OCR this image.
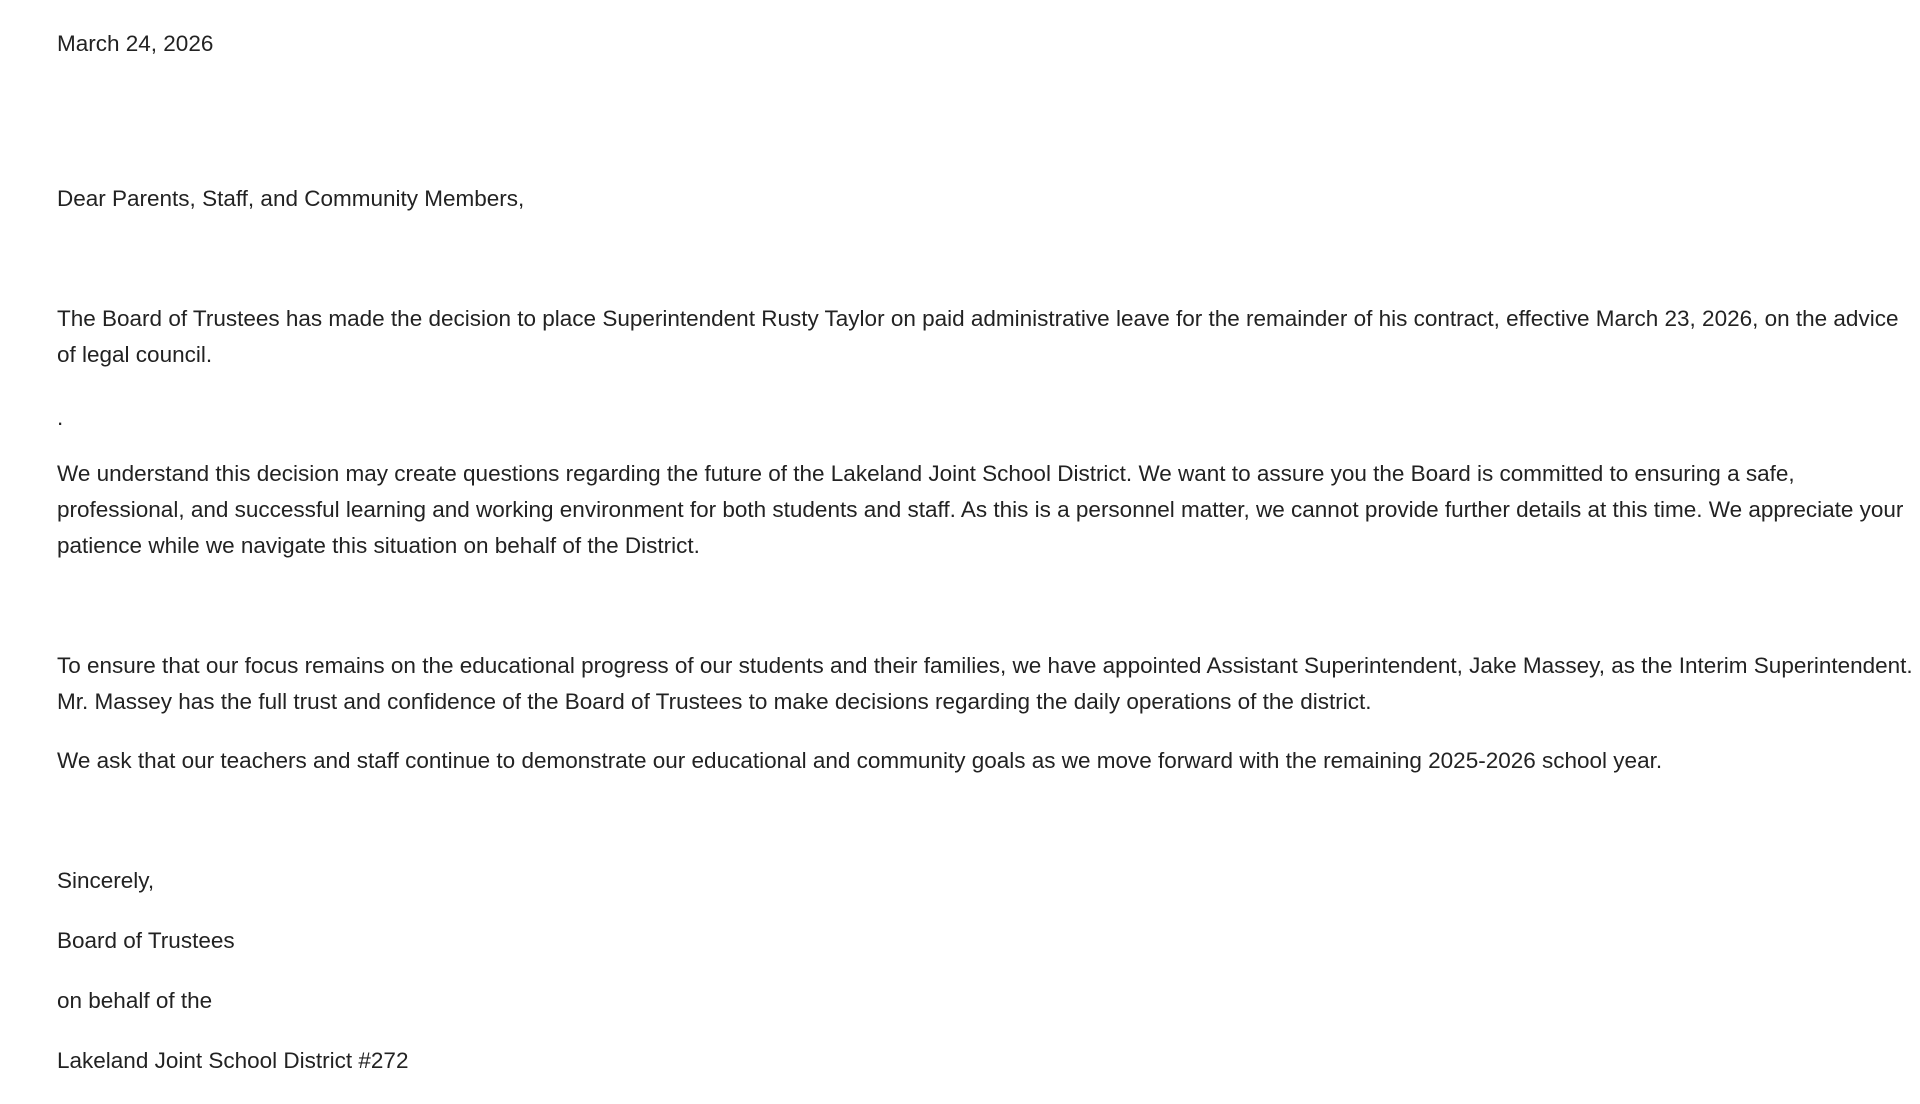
March 24, 2026

Dear Parents, Staff, and Community Members,

The Board of Trustees has made the decision to place Superintendent Rusty Taylor on paid administrative leave for the remainder of his contract, effective March 23, 2026, on the advice of legal council.

.

We understand this decision may create questions regarding the future of the Lakeland Joint School District. We want to assure you the Board is committed to ensuring a safe, professional, and successful learning and working environment for both students and staff. As this is a personnel matter, we cannot provide further details at this time. We appreciate your patience while we navigate this situation on behalf of the District.

To ensure that our focus remains on the educational progress of our students and their families, we have appointed Assistant Superintendent, Jake Massey, as the Interim Superintendent. Mr. Massey has the full trust and confidence of the Board of Trustees to make decisions regarding the daily operations of the district.

We ask that our teachers and staff continue to demonstrate our educational and community goals as we move forward with the remaining 2025-2026 school year.

Sincerely,

Board of Trustees

on behalf of the

Lakeland Joint School District #272
